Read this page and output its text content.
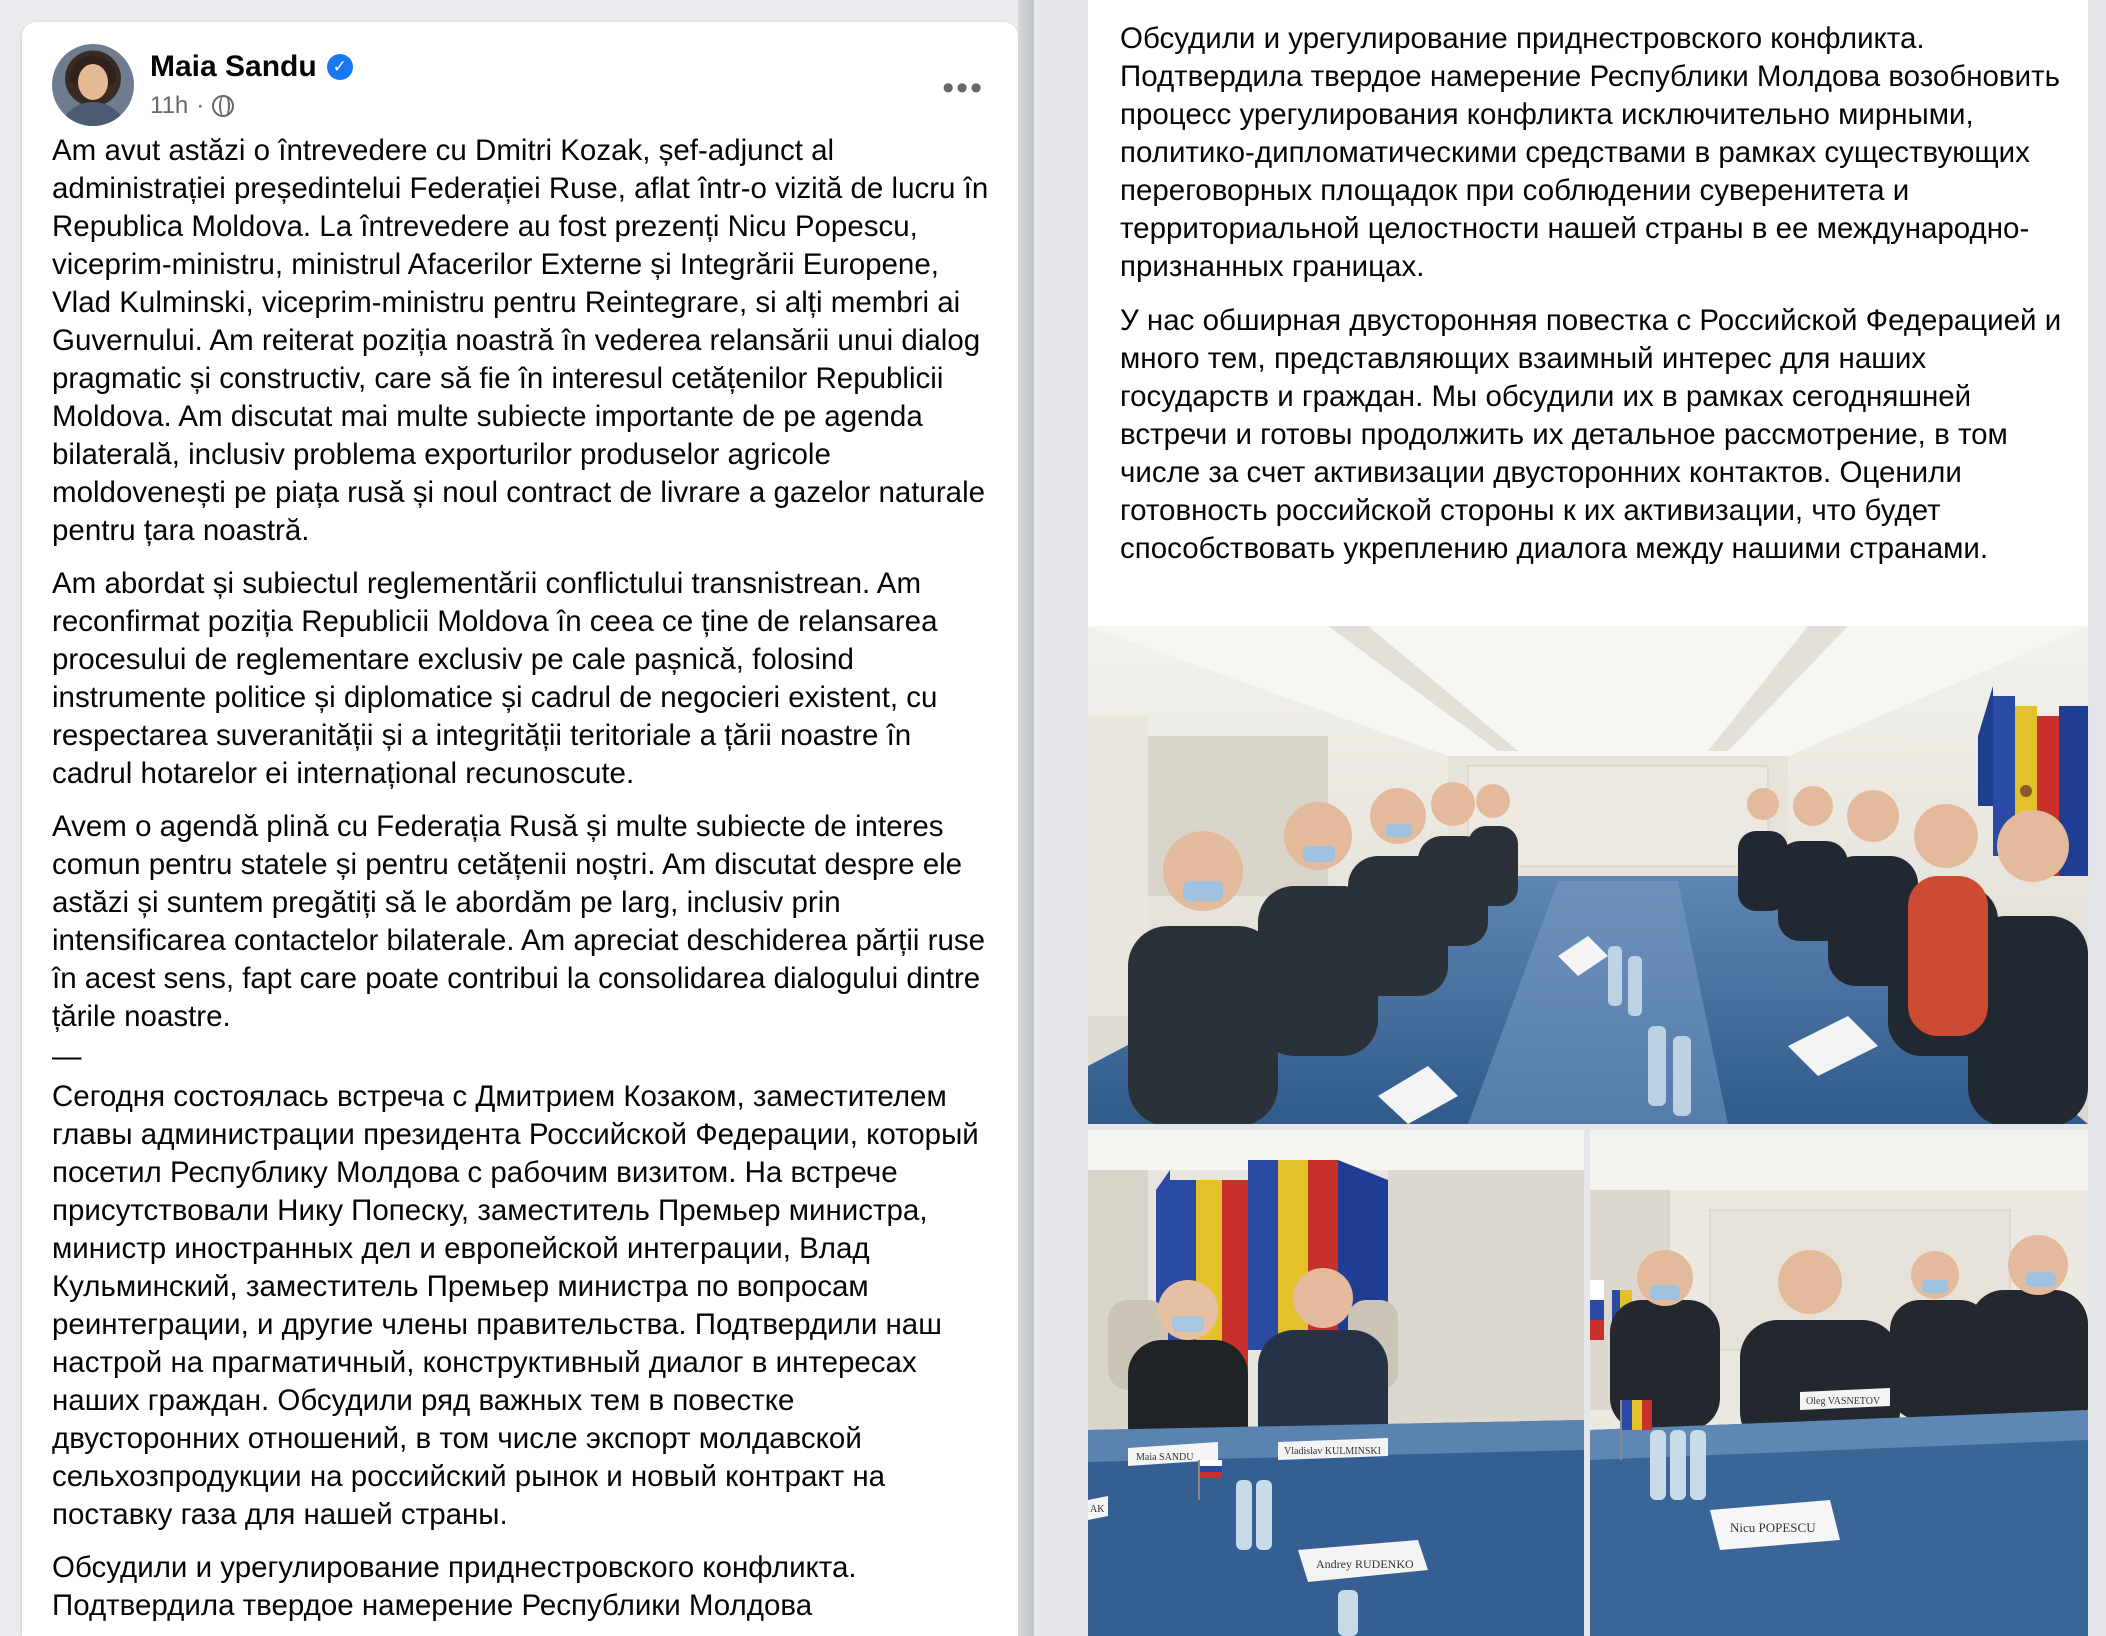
Maia Sandu ✓
11h ·	•••

Am avut astăzi o întrevedere cu Dmitri Kozak, șef-adjunct al administrației președintelui Federației Ruse, aflat într-o vizită de lucru în Republica Moldova. La întrevedere au fost prezenți Nicu Popescu, viceprim-ministru, ministrul Afacerilor Externe și Integrării Europene, Vlad Kulminski, viceprim-ministru pentru Reintegrare, si alți membri ai Guvernului. Am reiterat poziția noastră în vederea relansării unui dialog pragmatic și constructiv, care să fie în interesul cetățenilor Republicii Moldova. Am discutat mai multe subiecte importante de pe agenda bilaterală, inclusiv problema exporturilor produselor agricole moldovenești pe piața rusă și noul contract de livrare a gazelor naturale pentru țara noastră.

Am abordat și subiectul reglementării conflictului transnistrean. Am reconfirmat poziția Republicii Moldova în ceea ce ține de relansarea procesului de reglementare exclusiv pe cale pașnică, folosind instrumente politice și diplomatice și cadrul de negocieri existent, cu respectarea suveranității și a integrității teritoriale a țării noastre în cadrul hotarelor ei internațional recunoscute.

Avem o agendă plină cu Federația Rusă și multe subiecte de interes comun pentru statele și pentru cetățenii noștri. Am discutat despre ele astăzi și suntem pregătiți să le abordăm pe larg, inclusiv prin intensificarea contactelor bilaterale. Am apreciat deschiderea părții ruse în acest sens, fapt care poate contribui la consolidarea dialogului dintre țările noastre.

—

Сегодня состоялась встреча с Дмитрием Козаком, заместителем главы администрации президента Российской Федерации, который посетил Республику Молдова с рабочим визитом. На встрече присутствовали Нику Попеску, заместитель Премьер министра, министр иностранных дел и европейской интеграции, Влад Кульминский, заместитель Премьер министра по вопросам реинтеграции, и другие члены правительства. Подтвердили наш настрой на прагматичный, конструктивный диалог в интересах наших граждан. Обсудили ряд важных тем в повестке двусторонних отношений, в том числе экспорт молдавской сельхозпродукции на российский рынок и новый контракт на поставку газа для нашей страны.

Обсудили и урегулирование приднестровского конфликта. Подтвердила твердое намерение Республики Молдова

Обсудили и урегулирование приднестровского конфликта. Подтвердила твердое намерение Республики Молдова возобновить процесс урегулирования конфликта исключительно мирными, политико-дипломатическими средствами в рамках существующих переговорных площадок при соблюдении суверенитета и территориальной целостности нашей страны в ее международно-признанных границах.

У нас обширная двусторонняя повестка с Российской Федерацией и много тем, представляющих взаимный интерес для наших государств и граждан. Мы обсудили их в рамках сегодняшней встречи и готовы продолжить их детальное рассмотрение, в том числе за счет активизации двусторонних контактов. Оценили готовность российской стороны к их активизации, что будет способствовать укреплению диалога между нашими странами.

Maia SANDU
Vladislav KULMINSKI
Andrey RUDENKO
AK
Oleg VASNETOV
Nicu POPESCU
